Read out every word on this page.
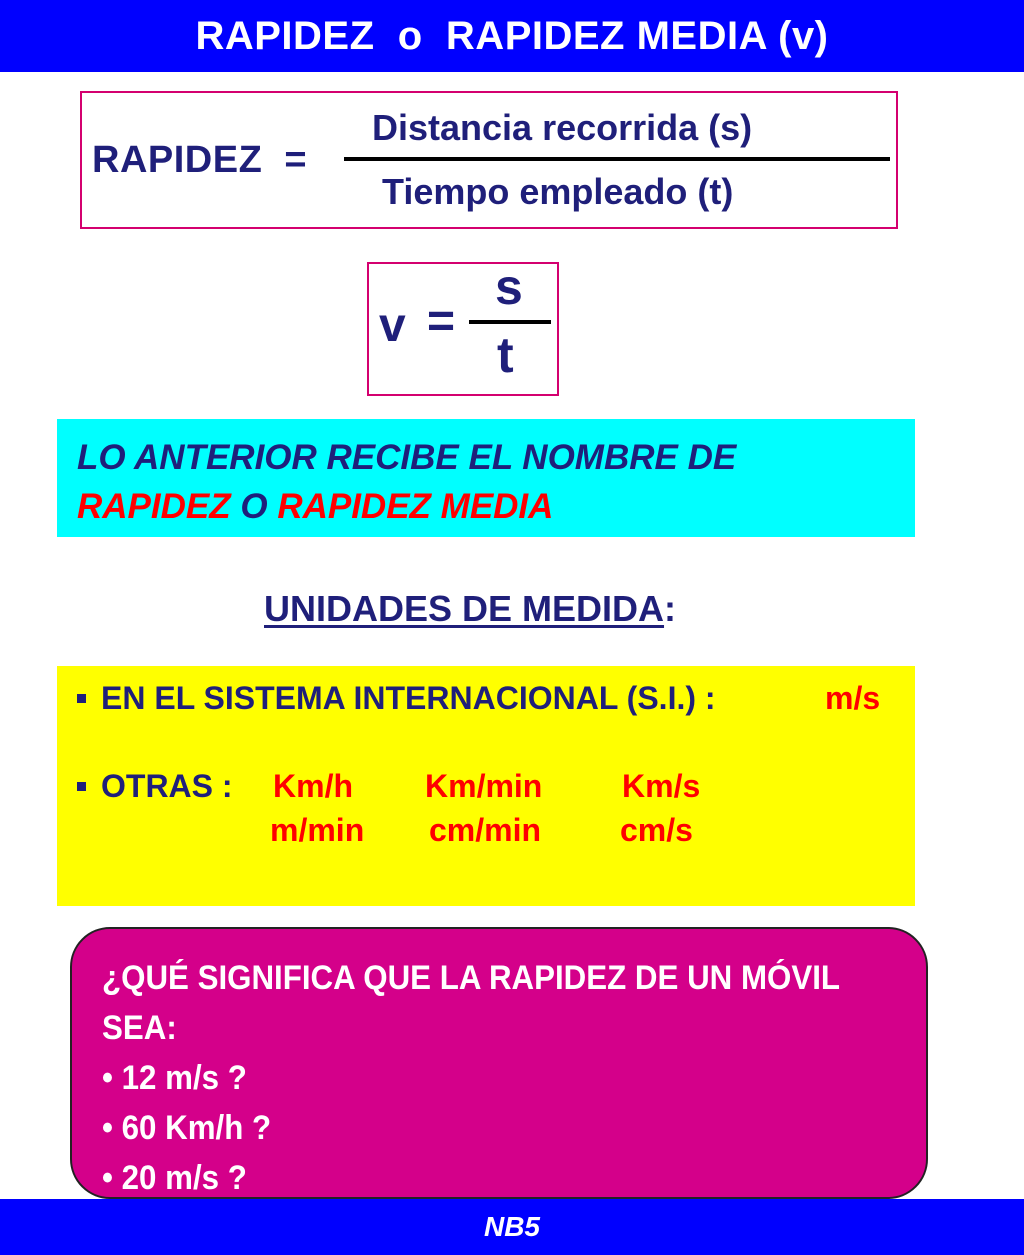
RAPIDEZ  o  RAPIDEZ MEDIA (v)
RAPIDEZ  =
Distancia recorrida (s)
Tiempo empleado (t)
v =
s
t
LO ANTERIOR RECIBE EL NOMBRE DE
RAPIDEZ O RAPIDEZ MEDIA
UNIDADES DE MEDIDA:
EN EL SISTEMA INTERNACIONAL (S.I.) :	m/s
OTRAS : Km/h Km/min Km/s
m/min cm/min cm/s
¿QUÉ SIGNIFICA QUE LA RAPIDEZ DE UN MÓVIL
SEA:
• 12 m/s ?
• 60 Km/h ?
• 20 m/s ?
NB5
